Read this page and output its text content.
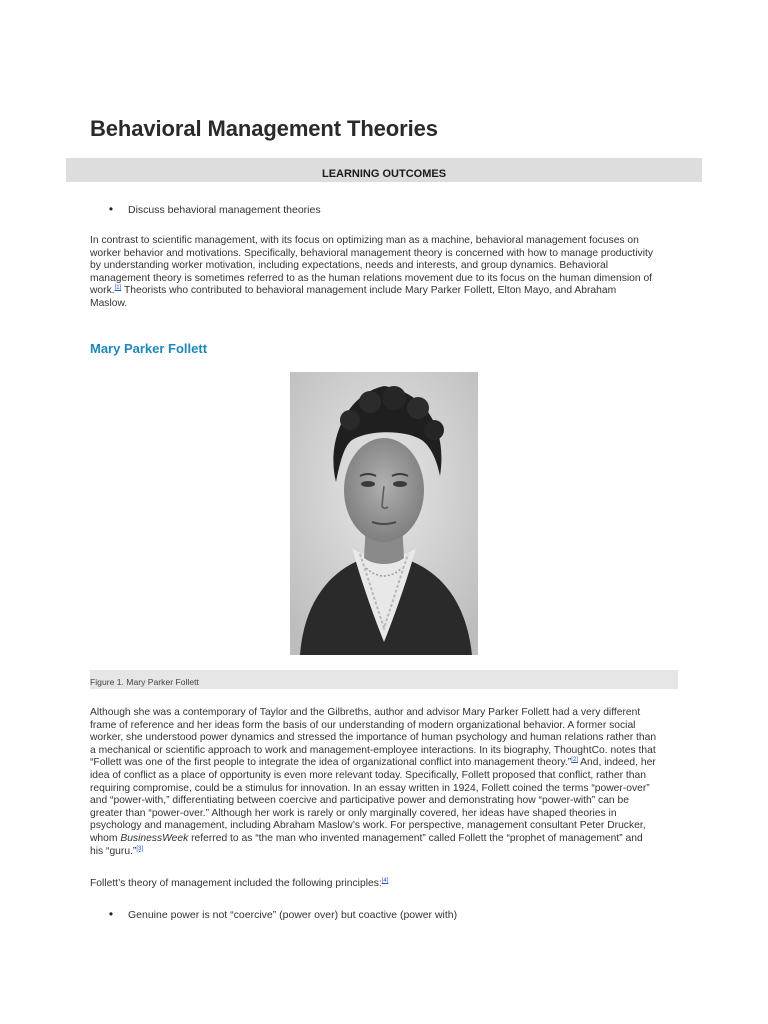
Behavioral Management Theories
LEARNING OUTCOMES
• Discuss behavioral management theories

In contrast to scientific management, with its focus on optimizing man as a machine, behavioral management focuses on
worker behavior and motivations. Specifically, behavioral management theory is concerned with how to manage productivity
by understanding worker motivation, including expectations, needs and interests, and group dynamics. Behavioral
management theory is sometimes referred to as the human relations movement due to its focus on the human dimension of
work.[1] Theorists who contributed to behavioral management include Mary Parker Follett, Elton Mayo, and Abraham
Maslow.

Mary Parker Follett
Figure 1. Mary Parker Follett

Although she was a contemporary of Taylor and the Gilbreths, author and advisor Mary Parker Follett had a very different
frame of reference and her ideas form the basis of our understanding of modern organizational behavior. A former social
worker, she understood power dynamics and stressed the importance of human psychology and human relations rather than
a mechanical or scientific approach to work and management-employee interactions. In its biography, ThoughtCo. notes that
“Follett was one of the first people to integrate the idea of organizational conflict into management theory.”[2] And, indeed, her
idea of conflict as a place of opportunity is even more relevant today. Specifically, Follett proposed that conflict, rather than
requiring compromise, could be a stimulus for innovation. In an essay written in 1924, Follett coined the terms “power-over”
and “power-with,” differentiating between coercive and participative power and demonstrating how “power-with” can be
greater than “power-over.” Although her work is rarely or only marginally covered, her ideas have shaped theories in
psychology and management, including Abraham Maslow’s work. For perspective, management consultant Peter Drucker,
whom BusinessWeek referred to as “the man who invented management” called Follett the “prophet of management” and
his “guru.”[3]

Follett’s theory of management included the following principles:[4]

• Genuine power is not “coercive” (power over) but coactive (power with)
